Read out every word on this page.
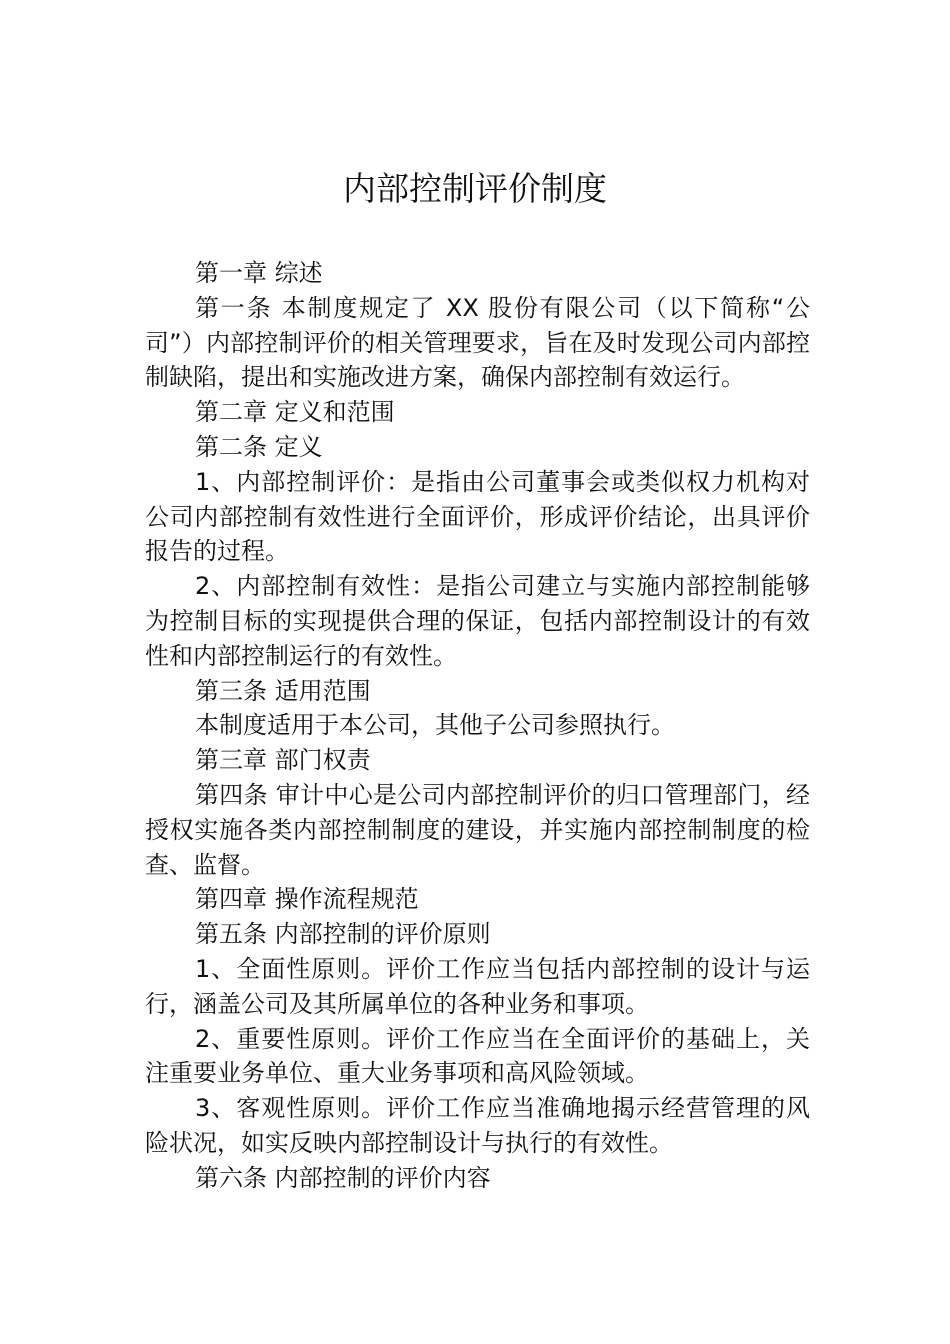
内部控制评价制度

第一章 综述

第一条 本制度规定了 XX 股份有限公司（以下简称“公司”）内部控制评价的相关管理要求，旨在及时发现公司内部控制缺陷，提出和实施改进方案，确保内部控制有效运行。

第二章 定义和范围

第二条 定义

1、内部控制评价：是指由公司董事会或类似权力机构对公司内部控制有效性进行全面评价，形成评价结论，出具评价报告的过程。

2、内部控制有效性：是指公司建立与实施内部控制能够为控制目标的实现提供合理的保证，包括内部控制设计的有效性和内部控制运行的有效性。

第三条 适用范围

本制度适用于本公司，其他子公司参照执行。

第三章 部门权责

第四条 审计中心是公司内部控制评价的归口管理部门，经授权实施各类内部控制制度的建设，并实施内部控制制度的检查、监督。

第四章 操作流程规范

第五条 内部控制的评价原则

1、全面性原则。评价工作应当包括内部控制的设计与运行，涵盖公司及其所属单位的各种业务和事项。

2、重要性原则。评价工作应当在全面评价的基础上，关注重要业务单位、重大业务事项和高风险领域。

3、客观性原则。评价工作应当准确地揭示经营管理的风险状况，如实反映内部控制设计与执行的有效性。

第六条 内部控制的评价内容
